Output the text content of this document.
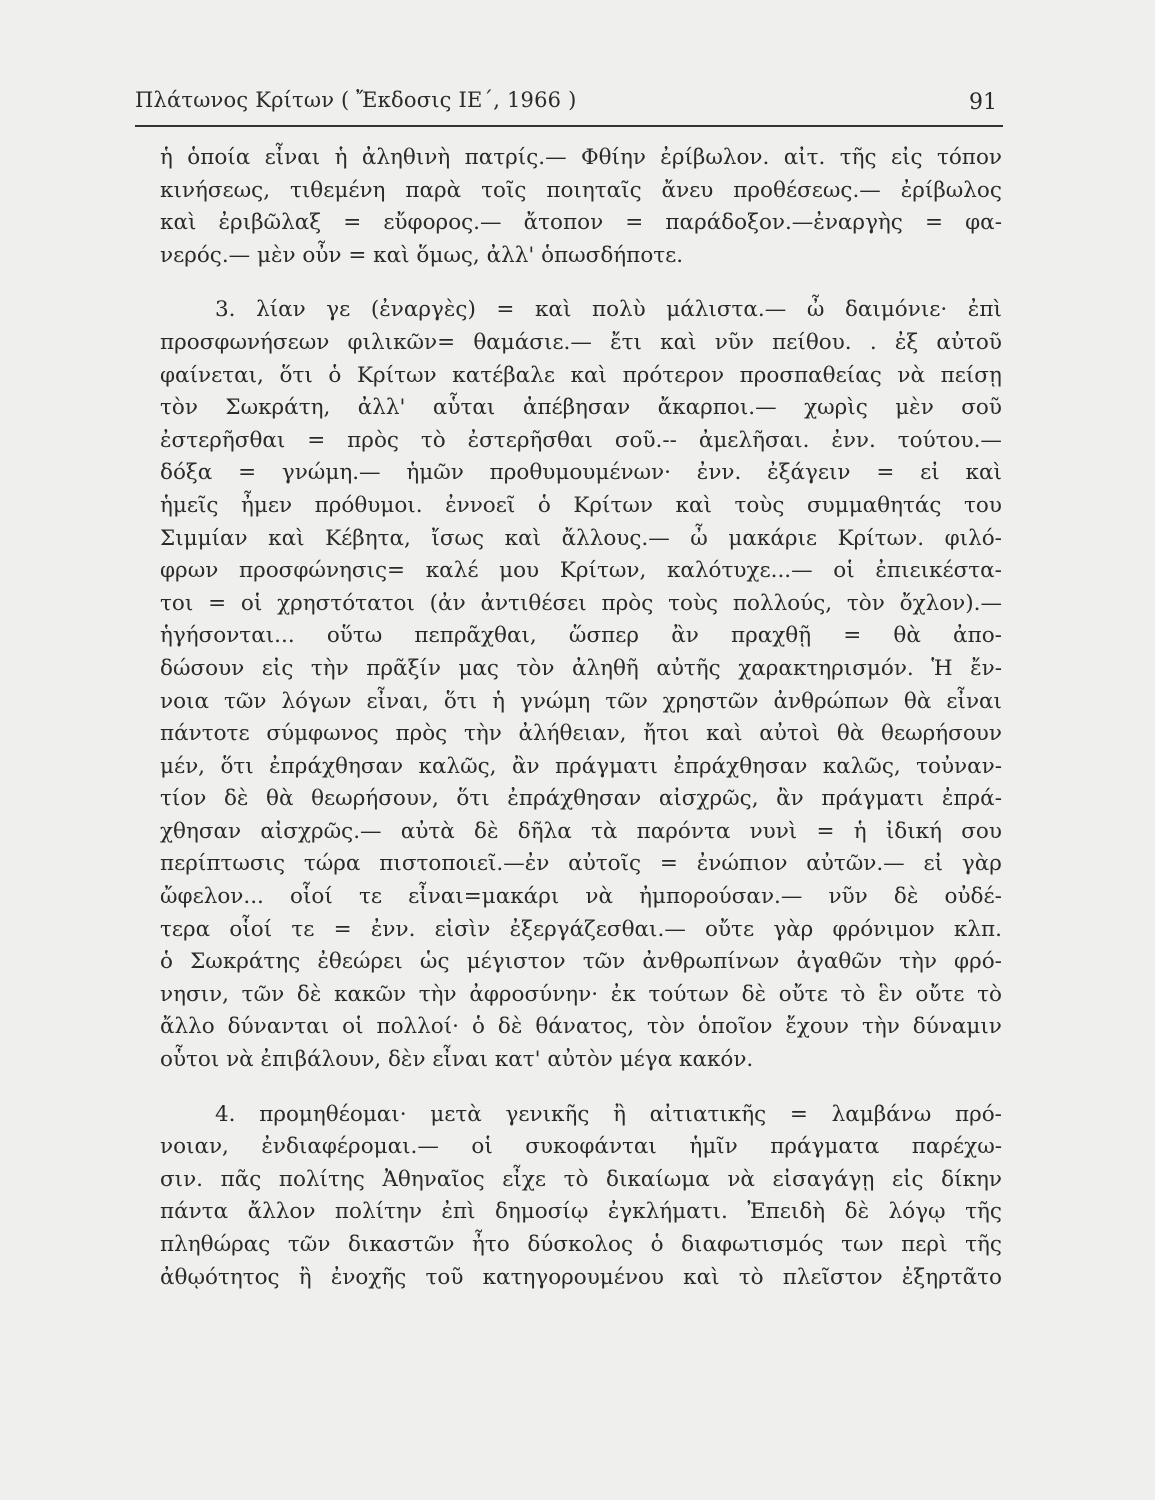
Πλάτωνος Κρίτων ( Ἔκδοσις ΙΕ΄, 1966 )	91
ἡ ὁποία εἶναι ἡ ἀληθινὴ πατρίς.— Φθίην ἐρίβωλον. αἰτ. τῆς εἰς τόπον
κινήσεως, τιθεμένη παρὰ τοῖς ποιηταῖς ἄνευ προθέσεως.— ἐρίβωλος
καὶ ἐριβῶλαξ = εὔφορος.— ἄτοπον = παράδοξον.—ἐναργὴς = φα-
νερός.— μὲν οὖν = καὶ ὅμως, ἀλλ' ὁπωσδήποτε.
3. λίαν γε (ἐναργὲς) = καὶ πολὺ μάλιστα.— ὦ δαιμόνιε· ἐπὶ
προσφωνήσεων φιλικῶν= θαμάσιε.— ἔτι καὶ νῦν πείθου. . ἐξ αὐτοῦ
φαίνεται, ὅτι ὁ Κρίτων κατέβαλε καὶ πρότερον προσπαθείας νὰ πείσῃ
τὸν Σωκράτη, ἀλλ' αὗται ἀπέβησαν ἄκαρποι.— χωρὶς μὲν σοῦ
ἐστερῆσθαι = πρὸς τὸ ἐστερῆσθαι σοῦ.-- ἀμελῆσαι. ἐνν. τούτου.—
δόξα = γνώμη.— ἡμῶν προθυμουμένων· ἐνν. ἐξάγειν = εἰ καὶ
ἡμεῖς ἦμεν πρόθυμοι. ἐννοεῖ ὁ Κρίτων καὶ τοὺς συμμαθητάς του
Σιμμίαν καὶ Κέβητα, ἴσως καὶ ἄλλους.— ὦ μακάριε Κρίτων. φιλό-
φρων προσφώνησις= καλέ μου Κρίτων, καλότυχε...— οἱ ἐπιεικέστα-
τοι = οἱ χρηστότατοι (ἀν ἀντιθέσει πρὸς τοὺς πολλούς, τὸν ὄχλον).—
ἡγήσονται... οὕτω πεπρᾶχθαι, ὥσπερ ἂν πραχθῇ = θὰ ἀπο-
δώσουν εἰς τὴν πρᾶξίν μας τὸν ἀληθῆ αὐτῆς χαρακτηρισμόν. Ἡ ἔν-
νοια τῶν λόγων εἶναι, ὅτι ἡ γνώμη τῶν χρηστῶν ἀνθρώπων θὰ εἶναι
πάντοτε σύμφωνος πρὸς τὴν ἀλήθειαν, ἤτοι καὶ αὐτοὶ θὰ θεωρήσουν
μέν, ὅτι ἐπράχθησαν καλῶς, ἂν πράγματι ἐπράχθησαν καλῶς, τοὐναν-
τίον δὲ θὰ θεωρήσουν, ὅτι ἐπράχθησαν αἰσχρῶς, ἂν πράγματι ἐπρά-
χθησαν αἰσχρῶς.— αὐτὰ δὲ δῆλα τὰ παρόντα νυνὶ = ἡ ἰδική σου
περίπτωσις τώρα πιστοποιεῖ.—ἐν αὐτοῖς = ἐνώπιον αὐτῶν.— εἰ γὰρ
ὤφελον... οἷοί τε εἶναι=μακάρι νὰ ἠμπορούσαν.— νῦν δὲ οὐδέ-
τερα οἷοί τε = ἐνν. εἰσὶν ἐξεργάζεσθαι.— οὔτε γὰρ φρόνιμον κλπ.
ὁ Σωκράτης ἐθεώρει ὡς μέγιστον τῶν ἀνθρωπίνων ἀγαθῶν τὴν φρό-
νησιν, τῶν δὲ κακῶν τὴν ἀφροσύνην· ἐκ τούτων δὲ οὔτε τὸ ἓν οὔτε τὸ
ἄλλο δύνανται οἱ πολλοί· ὁ δὲ θάνατος, τὸν ὁποῖον ἔχουν τὴν δύναμιν
οὗτοι νὰ ἐπιβάλουν, δὲν εἶναι κατ' αὐτὸν μέγα κακόν.
4. προμηθέομαι· μετὰ γενικῆς ἢ αἰτιατικῆς = λαμβάνω πρό-
νοιαν, ἐνδιαφέρομαι.— οἱ συκοφάνται ἡμῖν πράγματα παρέχω-
σιν. πᾶς πολίτης Ἀθηναῖος εἶχε τὸ δικαίωμα νὰ εἰσαγάγῃ εἰς δίκην
πάντα ἄλλον πολίτην ἐπὶ δημοσίῳ ἐγκλήματι. Ἐπειδὴ δὲ λόγῳ τῆς
πληθώρας τῶν δικαστῶν ἦτο δύσκολος ὁ διαφωτισμός των περὶ τῆς
ἀθῳότητος ἢ ἐνοχῆς τοῦ κατηγορουμένου καὶ τὸ πλεῖστον ἐξηρτᾶτο
